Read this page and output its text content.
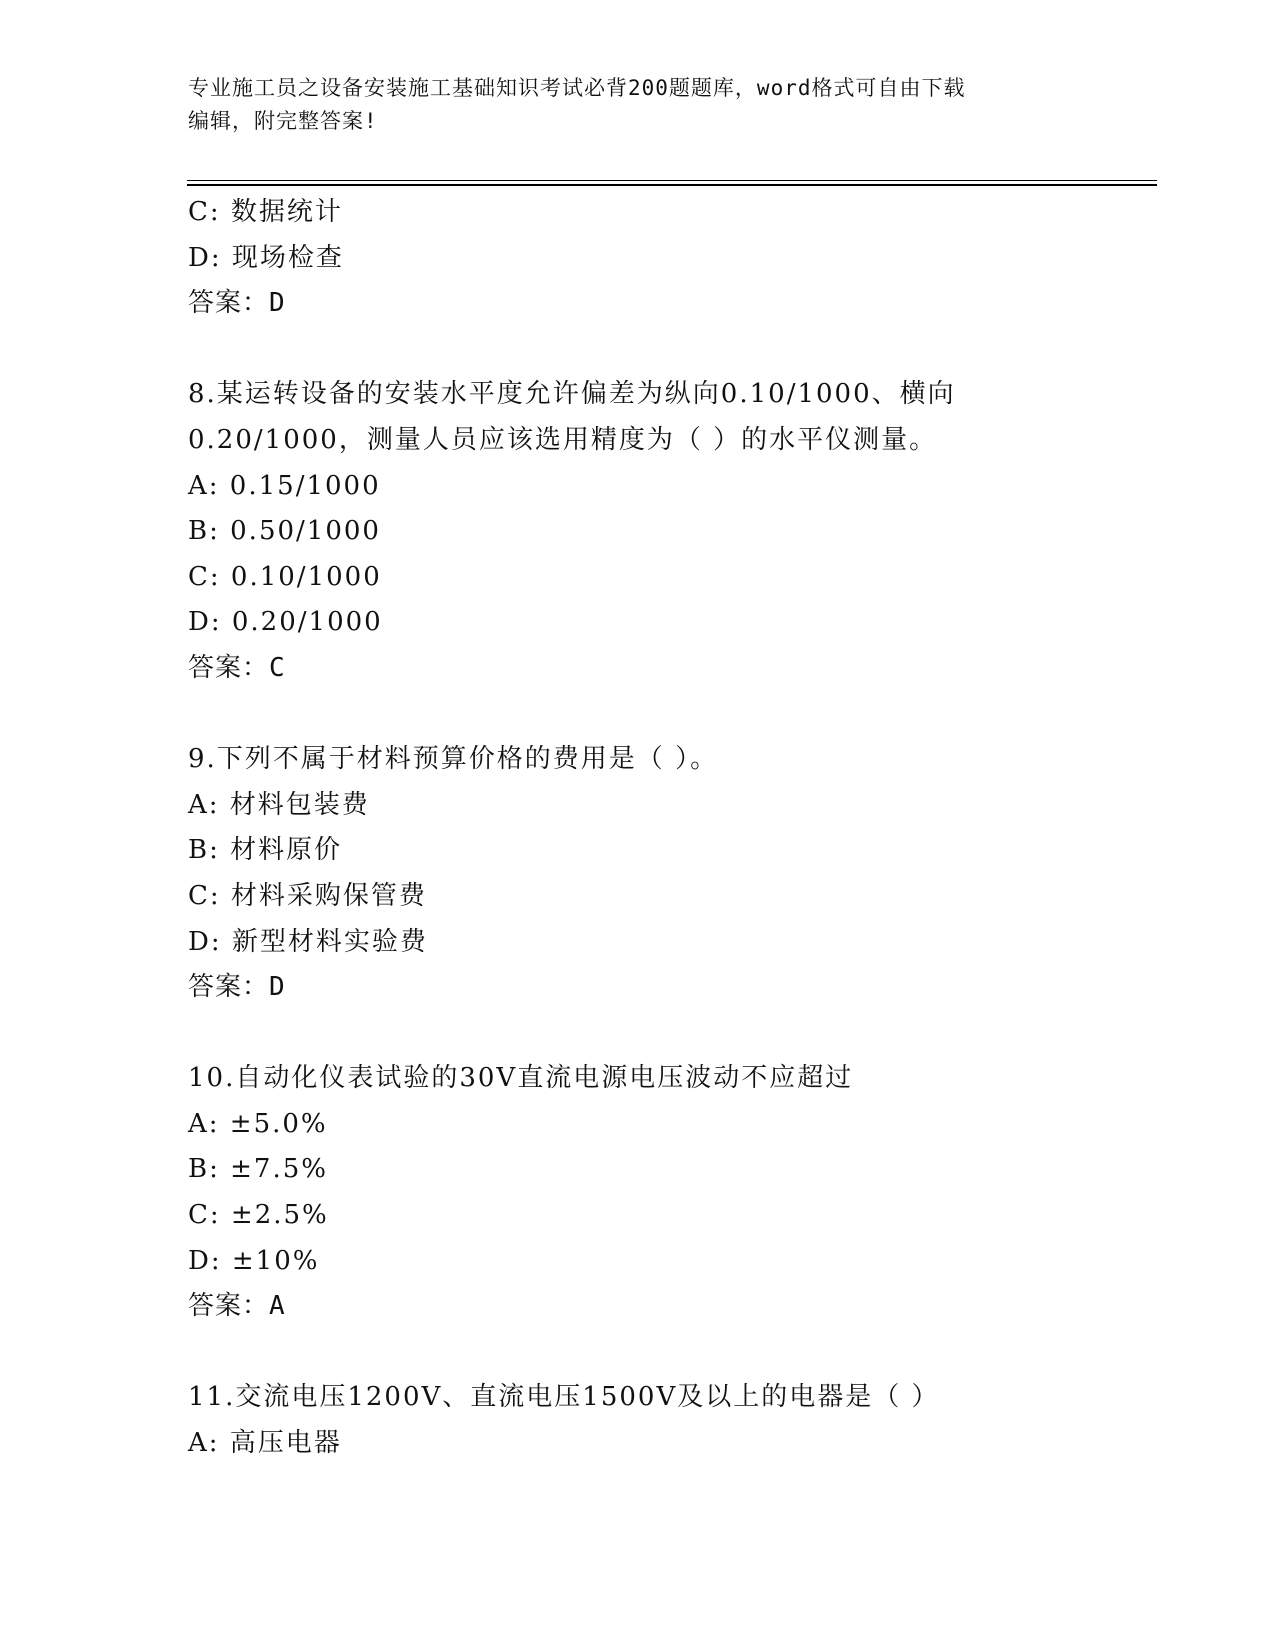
专业施工员之设备安装施工基础知识考试必背200题题库，word格式可自由下载
编辑，附完整答案!
C: 数据统计
D: 现场检查
答案：D
8.某运转设备的安装水平度允许偏差为纵向0.10/1000、横向
0.20/1000，测量人员应该选用精度为（ ）的水平仪测量。
A: 0.15/1000
B: 0.50/1000
C: 0.10/1000
D: 0.20/1000
答案：C
9.下列不属于材料预算价格的费用是（ ）。
A: 材料包装费
B: 材料原价
C: 材料采购保管费
D: 新型材料实验费
答案：D
10.自动化仪表试验的30V直流电源电压波动不应超过
A: ±5.0%
B: ±7.5%
C: ±2.5%
D: ±10%
答案：A
11.交流电压1200V、直流电压1500V及以上的电器是（ ）
A: 高压电器
